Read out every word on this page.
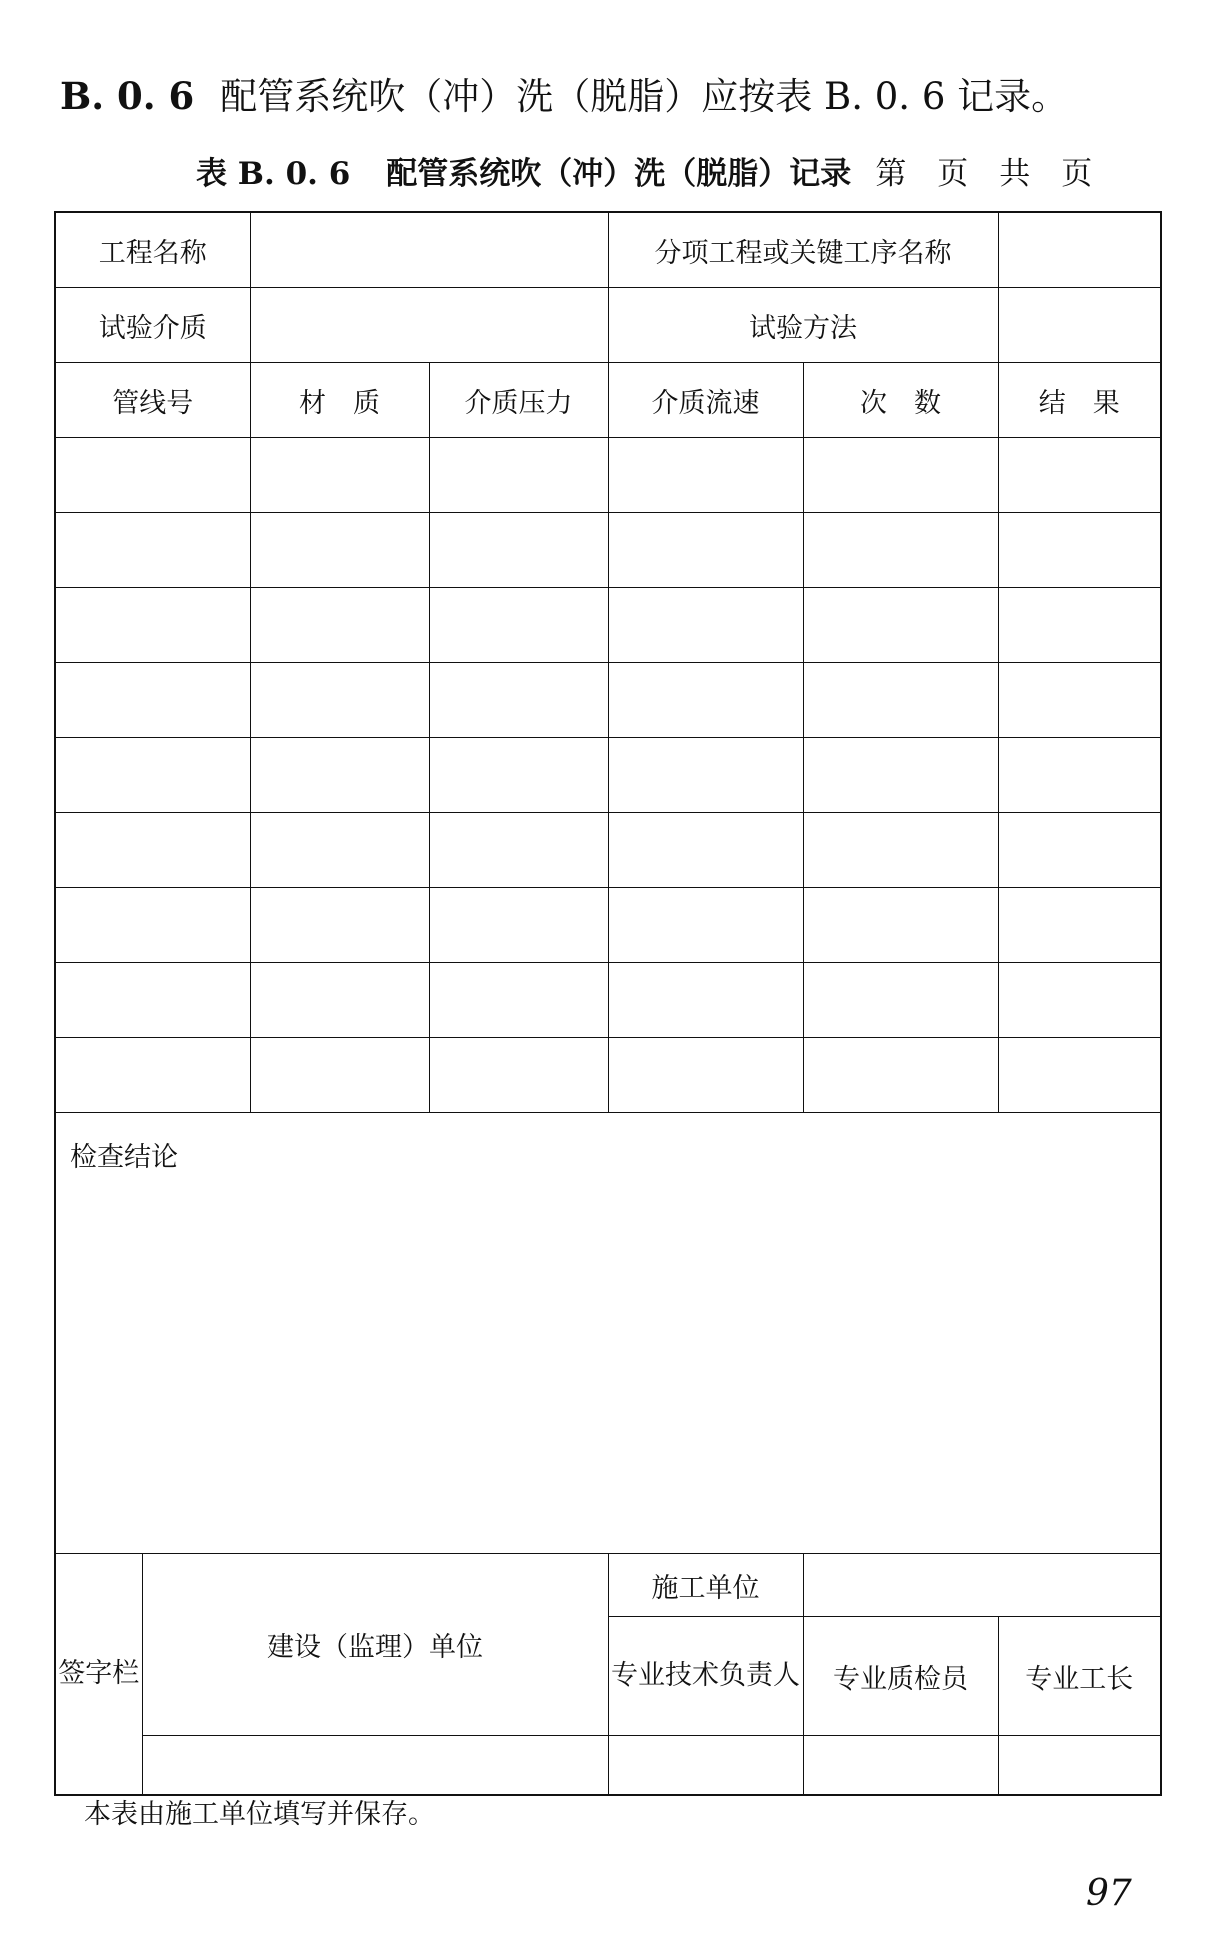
B. 0. 6 配管系统吹（冲）洗（脱脂）应按表 B. 0. 6 记录。
表 B. 0. 6 配管系统吹（冲）洗（脱脂）记录 第　页　共　页
工程名称				分项工程或关键工序名称		
试验介质				试验方法		
管线号		材　质	介质压力	介质流速	次　数	结　果

检查结论						
签字栏	建设（监理）单位			施工单位		
				专业技术负责人	专业质检员	专业工长

本表由施工单位填写并保存。
97
